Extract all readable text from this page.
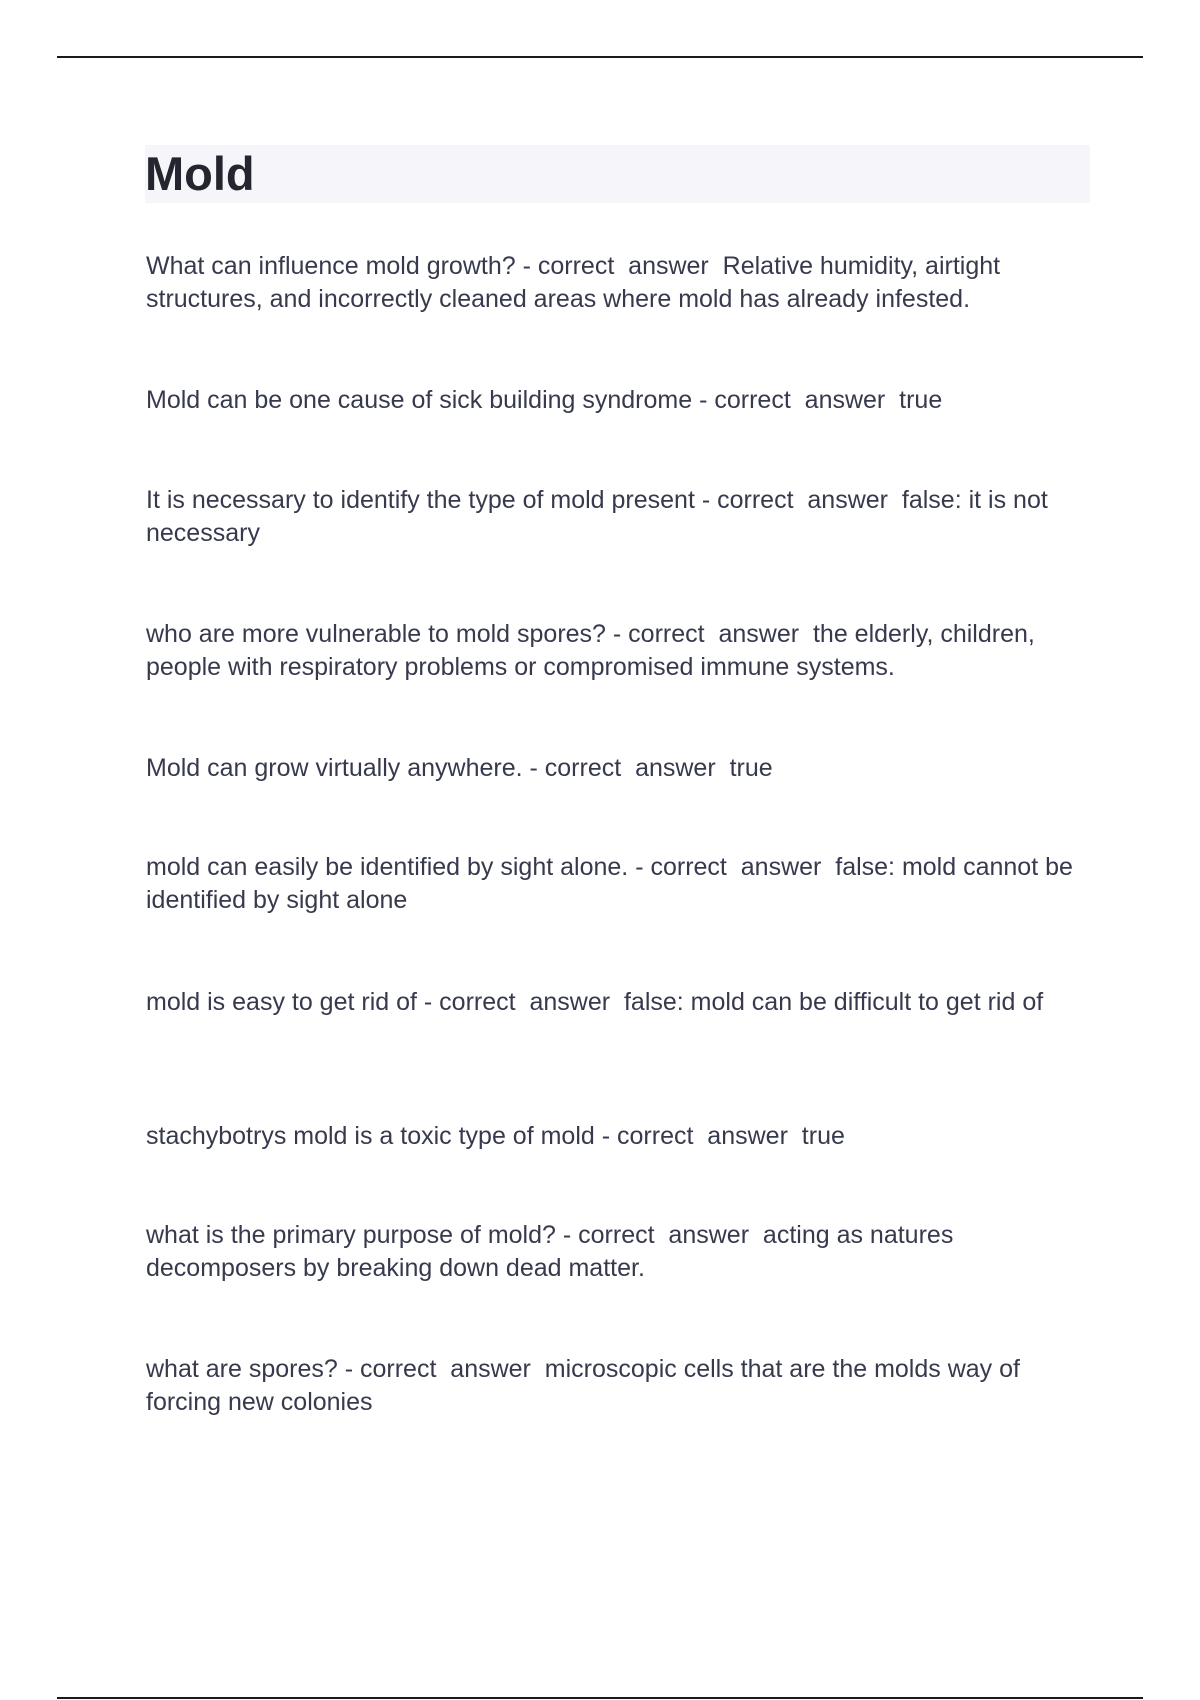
Mold

What can influence mold growth? - correct  answer  Relative humidity, airtight structures, and incorrectly cleaned areas where mold has already infested.

Mold can be one cause of sick building syndrome - correct  answer  true

It is necessary to identify the type of mold present - correct  answer  false: it is not necessary

who are more vulnerable to mold spores? - correct  answer  the elderly, children, people with respiratory problems or compromised immune systems.

Mold can grow virtually anywhere. - correct  answer  true

mold can easily be identified by sight alone. - correct  answer  false: mold cannot be identified by sight alone

mold is easy to get rid of - correct  answer  false: mold can be difficult to get rid of

stachybotrys mold is a toxic type of mold - correct  answer  true

what is the primary purpose of mold? - correct  answer  acting as natures decomposers by breaking down dead matter.

what are spores? - correct  answer  microscopic cells that are the molds way of forcing new colonies
